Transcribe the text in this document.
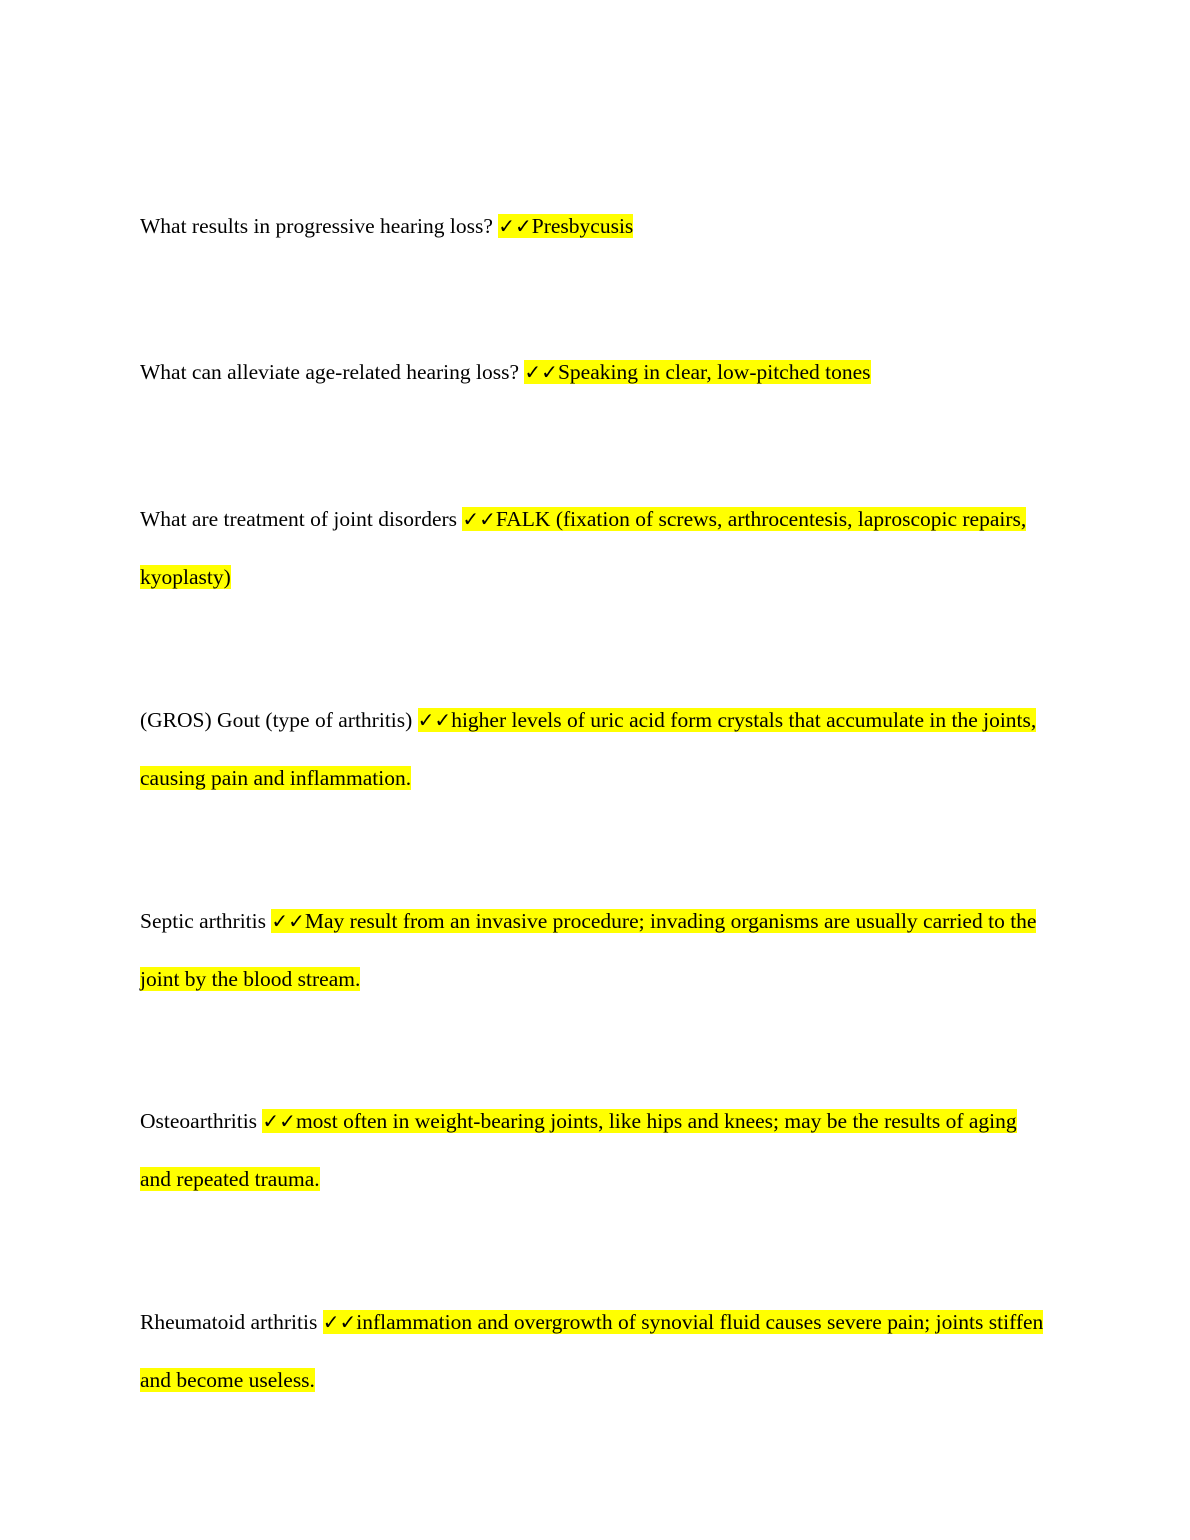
What results in progressive hearing loss? ✓✓Presbycusis
What can alleviate age-related hearing loss? ✓✓Speaking in clear, low-pitched tones
What are treatment of joint disorders ✓✓FALK (fixation of screws, arthrocentesis, laproscopic repairs, kyoplasty)
(GROS) Gout (type of arthritis) ✓✓higher levels of uric acid form crystals that accumulate in the joints, causing pain and inflammation.
Septic arthritis ✓✓May result from an invasive procedure; invading organisms are usually carried to the joint by the blood stream.
Osteoarthritis ✓✓most often in weight-bearing joints, like hips and knees; may be the results of aging and repeated trauma.
Rheumatoid arthritis ✓✓inflammation and overgrowth of synovial fluid causes severe pain; joints stiffen and become useless.
